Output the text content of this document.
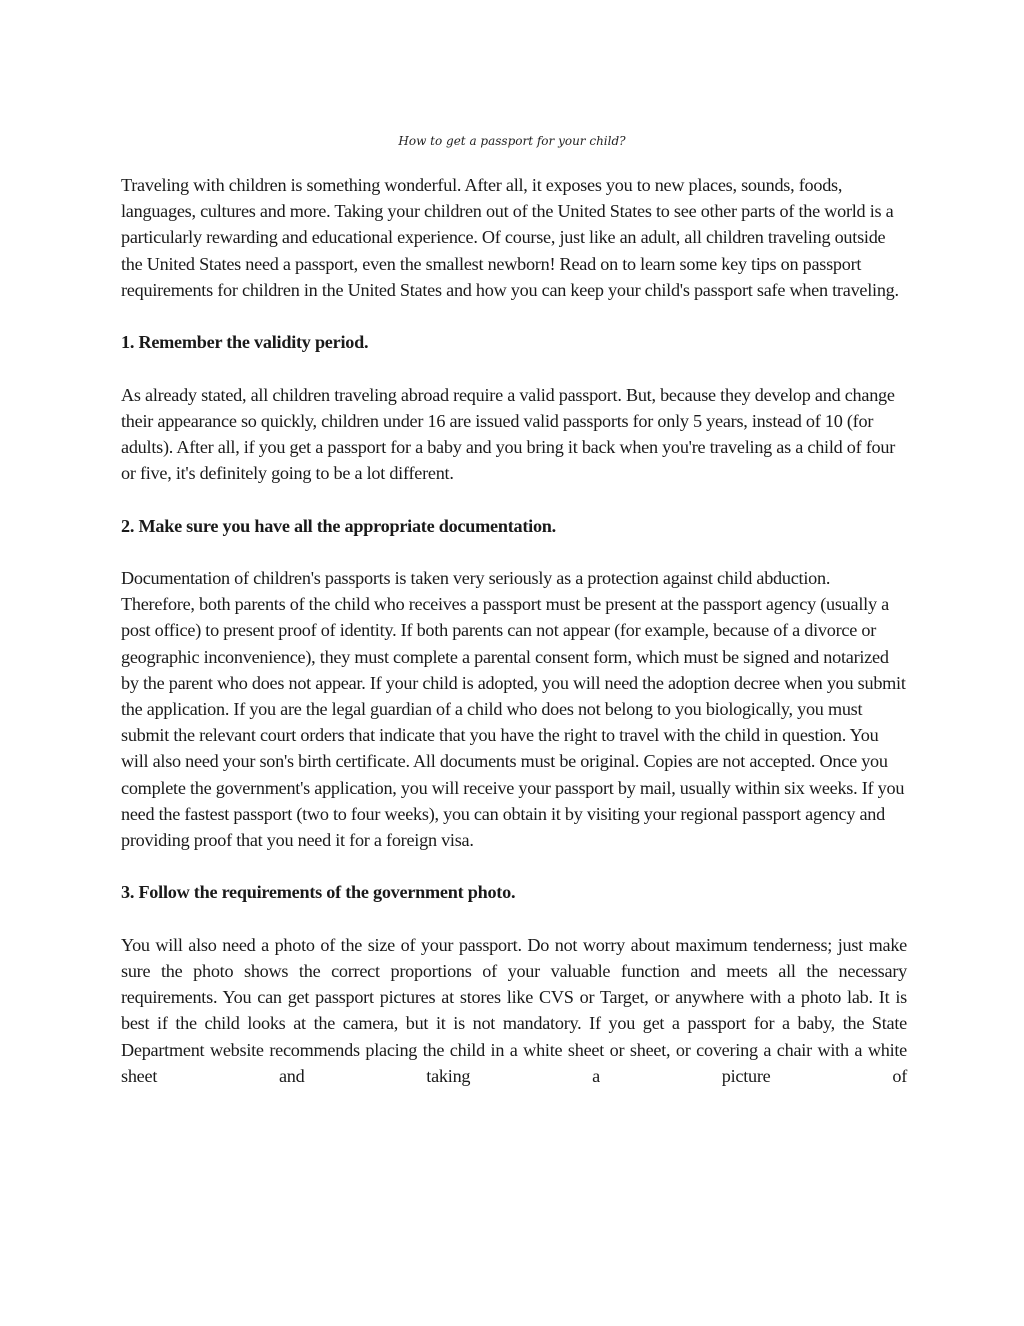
How to get a passport for your child?

Traveling with children is something wonderful. After all, it exposes you to new places, sounds, foods, languages, cultures and more. Taking your children out of the United States to see other parts of the world is a particularly rewarding and educational experience. Of course, just like an adult, all children traveling outside the United States need a passport, even the smallest newborn! Read on to learn some key tips on passport requirements for children in the United States and how you can keep your child's passport safe when traveling.

1. Remember the validity period.

As already stated, all children traveling abroad require a valid passport. But, because they develop and change their appearance so quickly, children under 16 are issued valid passports for only 5 years, instead of 10 (for adults). After all, if you get a passport for a baby and you bring it back when you're traveling as a child of four or five, it's definitely going to be a lot different.

2. Make sure you have all the appropriate documentation.

Documentation of children's passports is taken very seriously as a protection against child abduction. Therefore, both parents of the child who receives a passport must be present at the passport agency (usually a post office) to present proof of identity. If both parents can not appear (for example, because of a divorce or geographic inconvenience), they must complete a parental consent form, which must be signed and notarized by the parent who does not appear. If your child is adopted, you will need the adoption decree when you submit the application. If you are the legal guardian of a child who does not belong to you biologically, you must submit the relevant court orders that indicate that you have the right to travel with the child in question. You will also need your son's birth certificate. All documents must be original. Copies are not accepted. Once you complete the government's application, you will receive your passport by mail, usually within six weeks. If you need the fastest passport (two to four weeks), you can obtain it by visiting your regional passport agency and providing proof that you need it for a foreign visa.

3. Follow the requirements of the government photo.

You will also need a photo of the size of your passport. Do not worry about maximum tenderness; just make sure the photo shows the correct proportions of your valuable function and meets all the necessary requirements. You can get passport pictures at stores like CVS or Target, or anywhere with a photo lab. It is best if the child looks at the camera, but it is not mandatory. If you get a passport for a baby, the State Department website recommends placing the child in a white sheet or sheet, or covering a chair with a white sheet and taking a picture of
